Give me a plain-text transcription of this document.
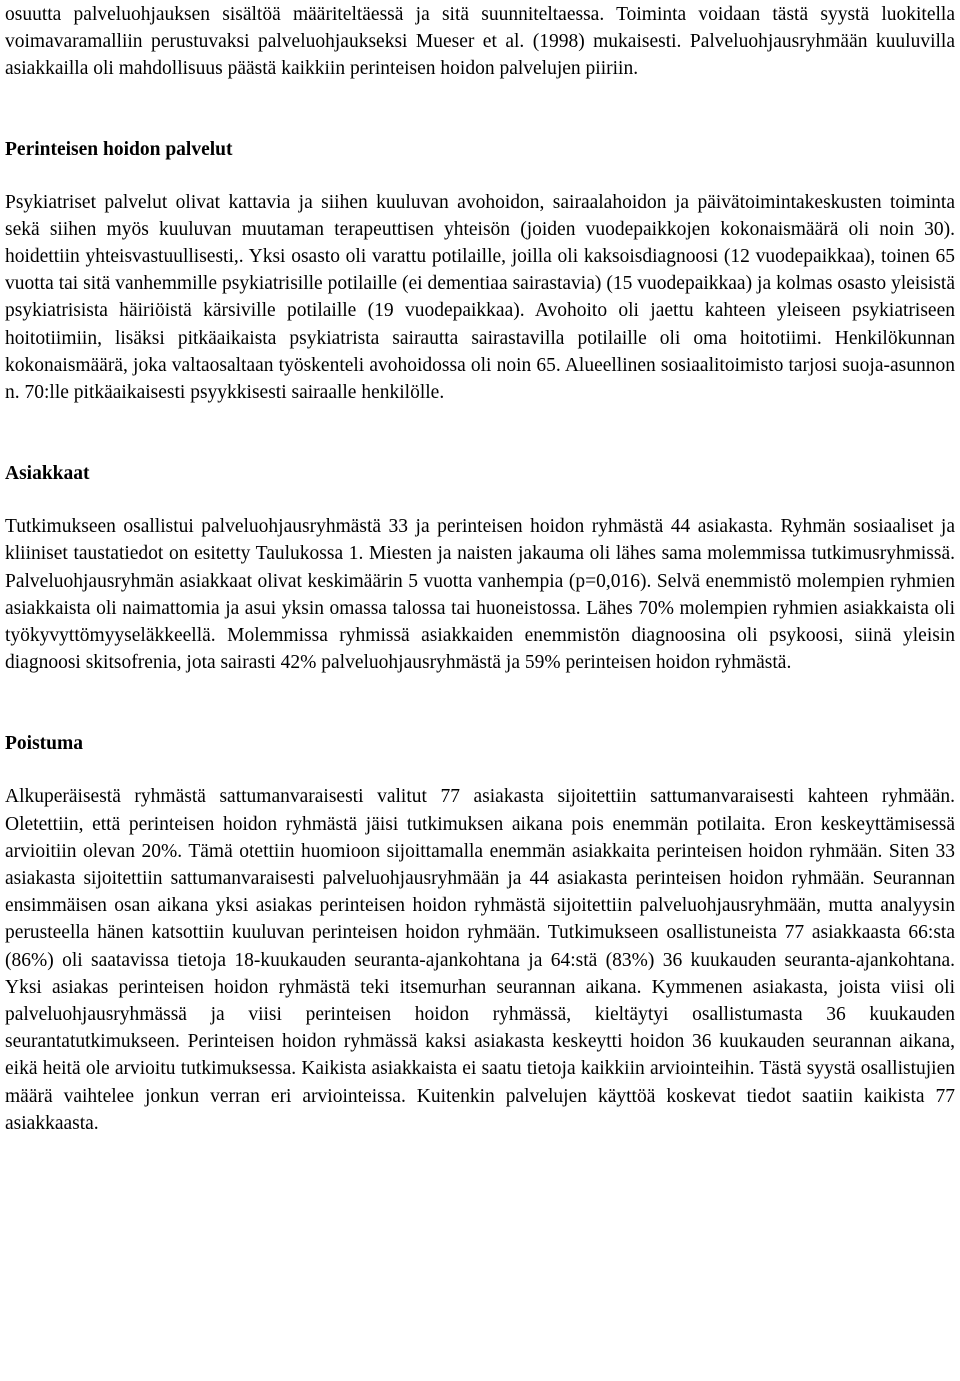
osuutta palveluohjauksen sisältöä määriteltäessä ja sitä suunniteltaessa. Toiminta voidaan tästä syystä luokitella voimavaramalliin perustuvaksi palveluohjaukseksi Mueser et al. (1998) mukaisesti. Palveluohjausryhmään kuuluvilla asiakkailla oli mahdollisuus päästä kaikkiin perinteisen hoidon palvelujen piiriin.

Perinteisen hoidon palvelut

Psykiatriset palvelut olivat kattavia ja siihen kuuluvan avohoidon, sairaalahoidon ja päivätoimintakeskusten toiminta sekä siihen myös kuuluvan muutaman terapeuttisen yhteisön (joiden vuodepaikkojen kokonaismäärä oli noin 30). hoidettiin yhteisvastuullisesti,. Yksi osasto oli varattu potilaille, joilla oli kaksoisdiagnoosi (12 vuodepaikkaa), toinen 65 vuotta tai sitä vanhemmille psykiatrisille potilaille (ei dementiaa sairastavia) (15 vuodepaikkaa) ja kolmas osasto yleisistä psykiatrisista häiriöistä kärsiville potilaille (19 vuodepaikkaa). Avohoito oli jaettu kahteen yleiseen psykiatriseen hoitotiimiin, lisäksi pitkäaikaista psykiatrista sairautta sairastavilla potilaille oli oma hoitotiimi. Henkilökunnan kokonaismäärä, joka valtaosaltaan työskenteli avohoidossa oli noin 65. Alueellinen sosiaalitoimisto tarjosi suoja-asunnon n. 70:lle pitkäaikaisesti psyykkisesti sairaalle henkilölle.

Asiakkaat

Tutkimukseen osallistui palveluohjausryhmästä 33 ja perinteisen hoidon ryhmästä 44 asiakasta. Ryhmän sosiaaliset ja kliiniset taustatiedot on esitetty Taulukossa 1. Miesten ja naisten jakauma oli lähes sama molemmissa tutkimusryhmissä. Palveluohjausryhmän asiakkaat olivat keskimäärin 5 vuotta vanhempia (p=0,016). Selvä enemmistö molempien ryhmien asiakkaista oli naimattomia ja asui yksin omassa talossa tai huoneistossa. Lähes 70% molempien ryhmien asiakkaista oli työkyvyttömyyseläkkeellä. Molemmissa ryhmissä asiakkaiden enemmistön diagnoosina oli psykoosi, siinä yleisin diagnoosi skitsofrenia, jota sairasti 42% palveluohjausryhmästä ja 59% perinteisen hoidon ryhmästä.

Poistuma

Alkuperäisestä ryhmästä sattumanvaraisesti valitut 77 asiakasta sijoitettiin sattumanvaraisesti kahteen ryhmään. Oletettiin, että perinteisen hoidon ryhmästä jäisi tutkimuksen aikana pois enemmän potilaita. Eron keskeyttämisessä arvioitiin olevan 20%. Tämä otettiin huomioon sijoittamalla enemmän asiakkaita perinteisen hoidon ryhmään. Siten 33 asiakasta sijoitettiin sattumanvaraisesti palveluohjausryhmään ja 44 asiakasta perinteisen hoidon ryhmään. Seurannan ensimmäisen osan aikana yksi asiakas perinteisen hoidon ryhmästä sijoitettiin palveluohjausryhmään, mutta analyysin perusteella hänen katsottiin kuuluvan perinteisen hoidon ryhmään. Tutkimukseen osallistuneista 77 asiakkaasta 66:sta (86%) oli saatavissa tietoja 18-kuukauden seuranta-ajankohtana ja 64:stä (83%) 36 kuukauden seuranta-ajankohtana. Yksi asiakas perinteisen hoidon ryhmästä teki itsemurhan seurannan aikana. Kymmenen asiakasta, joista viisi oli palveluohjausryhmässä ja viisi perinteisen hoidon ryhmässä, kieltäytyi osallistumasta 36 kuukauden seurantatutkimukseen. Perinteisen hoidon ryhmässä kaksi asiakasta keskeytti hoidon 36 kuukauden seurannan aikana, eikä heitä ole arvioitu tutkimuksessa. Kaikista asiakkaista ei saatu tietoja kaikkiin arviointeihin. Tästä syystä osallistujien määrä vaihtelee jonkun verran eri arviointeissa. Kuitenkin palvelujen käyttöä koskevat tiedot saatiin kaikista 77 asiakkaasta.
